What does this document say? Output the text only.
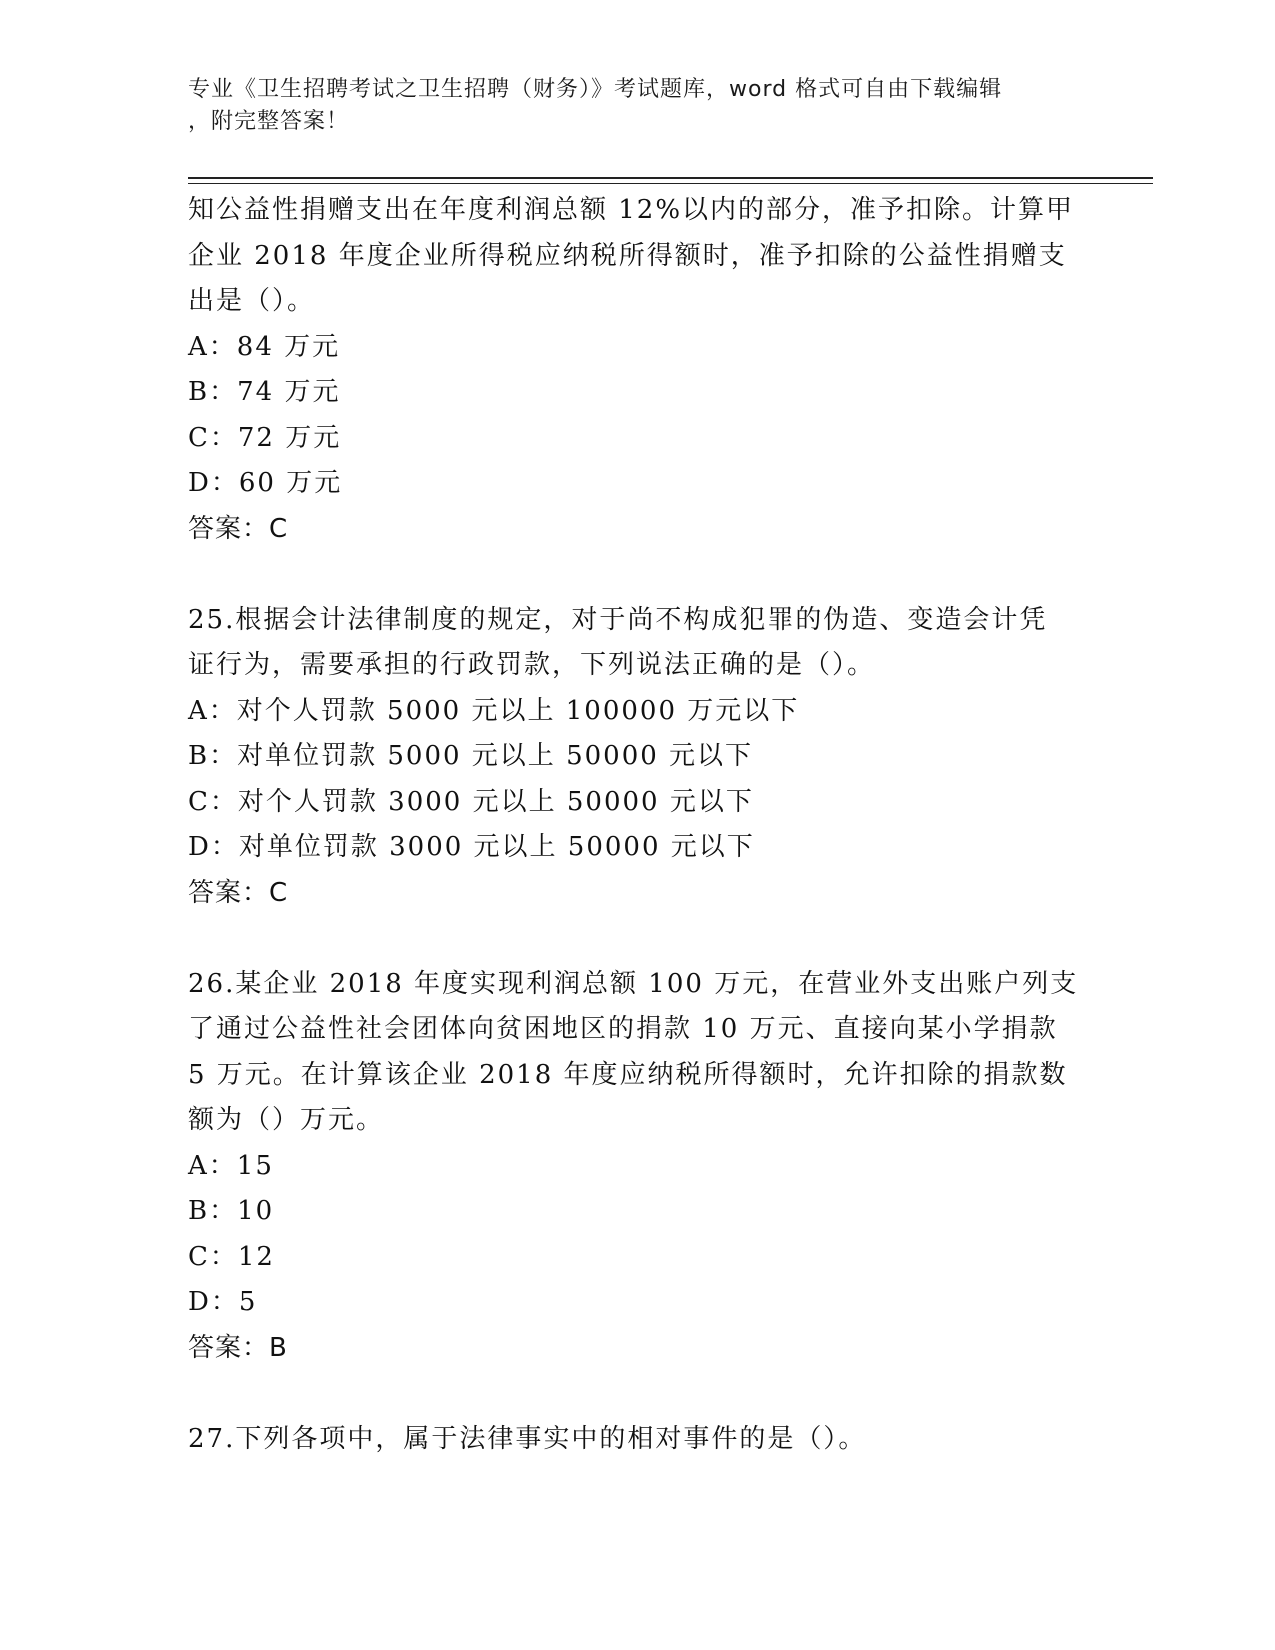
专业《卫生招聘考试之卫生招聘（财务）》考试题库，word 格式可自由下载编辑
，附完整答案！
知公益性捐赠支出在年度利润总额 12%以内的部分，准予扣除。计算甲
企业 2018 年度企业所得税应纳税所得额时，准予扣除的公益性捐赠支
出是（）。
A：84 万元
B：74 万元
C：72 万元
D：60 万元
答案：C
25.根据会计法律制度的规定，对于尚不构成犯罪的伪造、变造会计凭
证行为，需要承担的行政罚款，下列说法正确的是（）。
A：对个人罚款 5000 元以上 100000 万元以下
B：对单位罚款 5000 元以上 50000 元以下
C：对个人罚款 3000 元以上 50000 元以下
D：对单位罚款 3000 元以上 50000 元以下
答案：C
26.某企业 2018 年度实现利润总额 100 万元，在营业外支出账户列支
了通过公益性社会团体向贫困地区的捐款 10 万元、直接向某小学捐款
5 万元。在计算该企业 2018 年度应纳税所得额时，允许扣除的捐款数
额为（）万元。
A：15
B：10
C：12
D：5
答案：B
27.下列各项中，属于法律事实中的相对事件的是（）。
